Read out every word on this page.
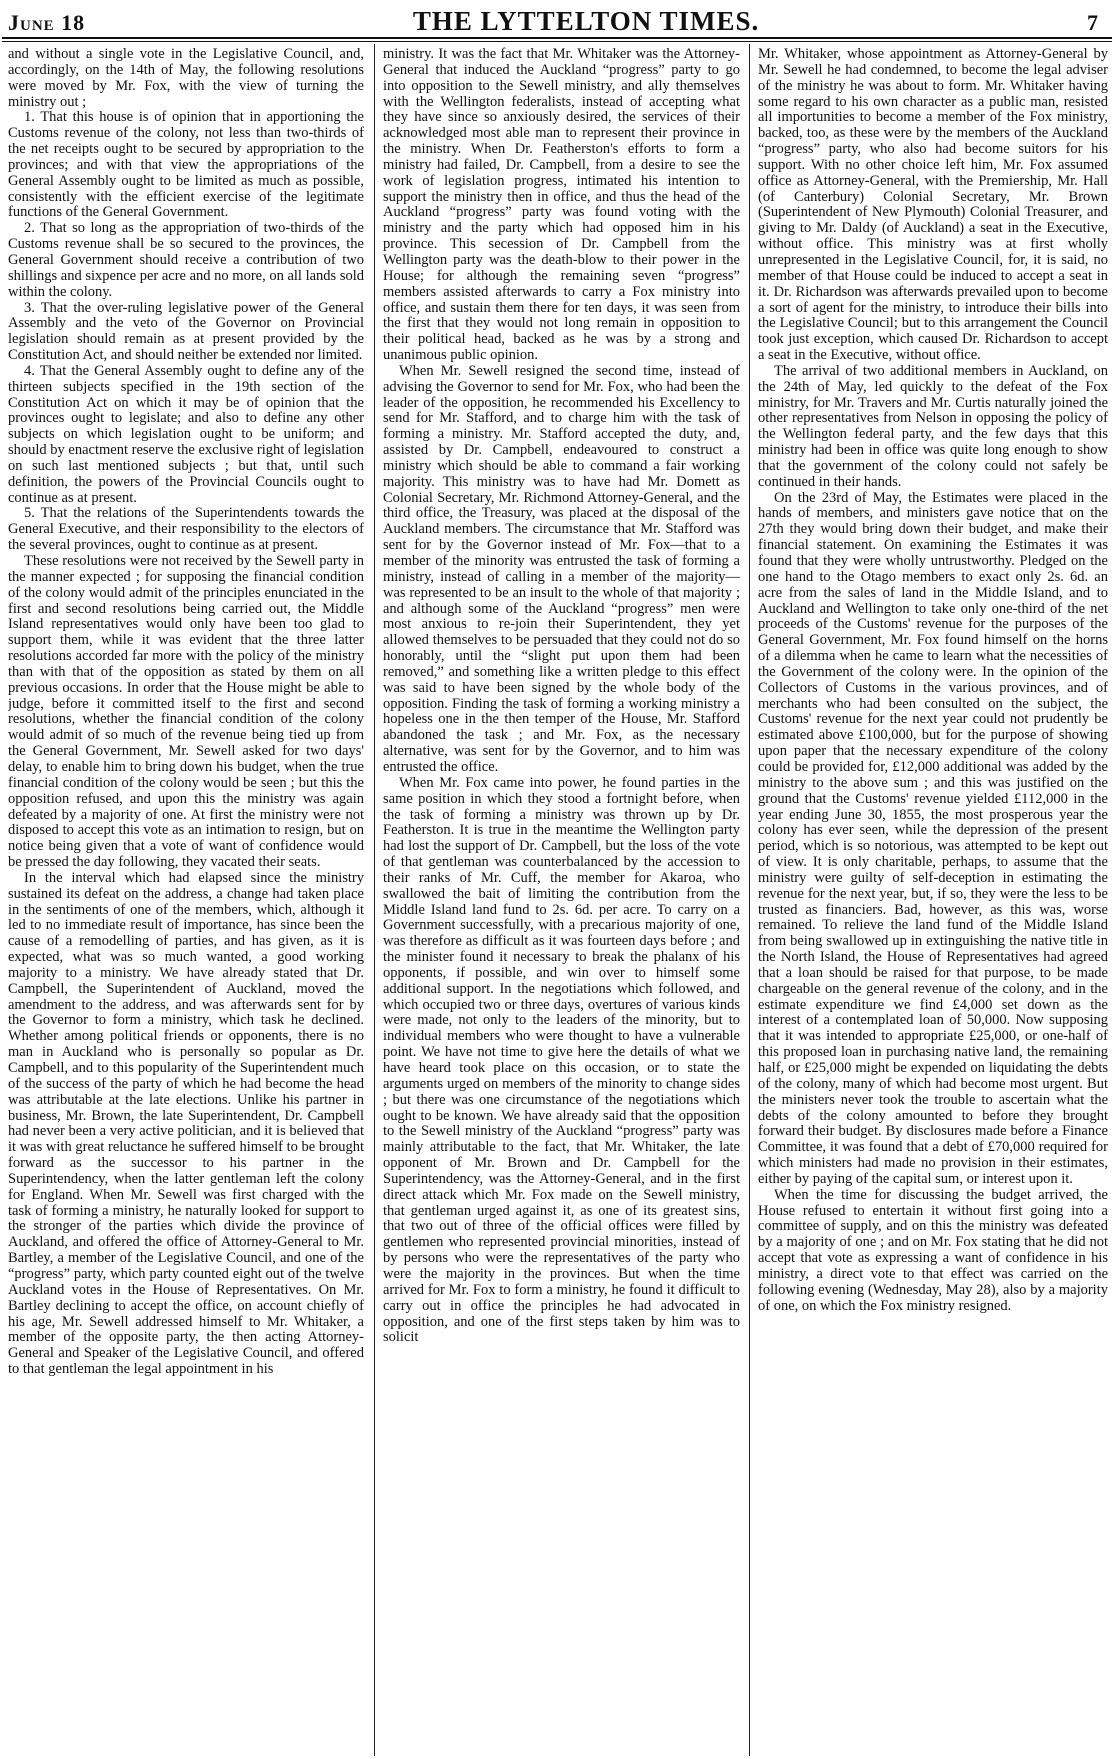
June 18	THE LYTTELTON TIMES.	7

and without a single vote in the Legislative Council, and, accordingly, on the 14th of May, the following resolutions were moved by Mr. Fox, with the view of turning the ministry out ;

1. That this house is of opinion that in apportioning the Customs revenue of the colony, not less than two-thirds of the net receipts ought to be secured by appropriation to the provinces; and with that view the appropriations of the General Assembly ought to be limited as much as possible, consistently with the efficient exercise of the legitimate functions of the General Government.

2. That so long as the appropriation of two-thirds of the Customs revenue shall be so secured to the provinces, the General Government should receive a contribution of two shillings and sixpence per acre and no more, on all lands sold within the colony.

3. That the over-ruling legislative power of the General Assembly and the veto of the Governor on Provincial legislation should remain as at present provided by the Constitution Act, and should neither be extended nor limited.

4. That the General Assembly ought to define any of the thirteen subjects specified in the 19th section of the Constitution Act on which it may be of opinion that the provinces ought to legislate; and also to define any other subjects on which legislation ought to be uniform; and should by enactment reserve the exclusive right of legislation on such last mentioned subjects ; but that, until such definition, the powers of the Provincial Councils ought to continue as at present.

5. That the relations of the Superintendents towards the General Executive, and their responsibility to the electors of the several provinces, ought to continue as at present.

These resolutions were not received by the Sewell party in the manner expected ; for supposing the financial condition of the colony would admit of the principles enunciated in the first and second resolutions being carried out, the Middle Island representatives would only have been too glad to support them, while it was evident that the three latter resolutions accorded far more with the policy of the ministry than with that of the opposition as stated by them on all previous occasions. In order that the House might be able to judge, before it committed itself to the first and second resolutions, whether the financial condition of the colony would admit of so much of the revenue being tied up from the General Government, Mr. Sewell asked for two days' delay, to enable him to bring down his budget, when the true financial condition of the colony would be seen ; but this the opposition refused, and upon this the ministry was again defeated by a majority of one. At first the ministry were not disposed to accept this vote as an intimation to resign, but on notice being given that a vote of want of confidence would be pressed the day following, they vacated their seats.

In the interval which had elapsed since the ministry sustained its defeat on the address, a change had taken place in the sentiments of one of the members, which, although it led to no immediate result of importance, has since been the cause of a remodelling of parties, and has given, as it is expected, what was so much wanted, a good working majority to a ministry. We have already stated that Dr. Campbell, the Superintendent of Auckland, moved the amendment to the address, and was afterwards sent for by the Governor to form a ministry, which task he declined. Whether among political friends or opponents, there is no man in Auckland who is personally so popular as Dr. Campbell, and to this popularity of the Superintendent much of the success of the party of which he had become the head was attributable at the late elections. Unlike his partner in business, Mr. Brown, the late Superintendent, Dr. Campbell had never been a very active politician, and it is believed that it was with great reluctance he suffered himself to be brought forward as the successor to his partner in the Superintendency, when the latter gentleman left the colony for England. When Mr. Sewell was first charged with the task of forming a ministry, he naturally looked for support to the stronger of the parties which divide the province of Auckland, and offered the office of Attorney-General to Mr. Bartley, a member of the Legislative Council, and one of the “progress” party, which party counted eight out of the twelve Auckland votes in the House of Representatives. On Mr. Bartley declining to accept the office, on account chiefly of his age, Mr. Sewell addressed himself to Mr. Whitaker, a member of the opposite party, the then acting Attorney-General and Speaker of the Legislative Council, and offered to that gentleman the legal appointment in his

ministry. It was the fact that Mr. Whitaker was the Attorney-General that induced the Auckland “progress” party to go into opposition to the Sewell ministry, and ally themselves with the Wellington federalists, instead of accepting what they have since so anxiously desired, the services of their acknowledged most able man to represent their province in the ministry. When Dr. Featherston's efforts to form a ministry had failed, Dr. Campbell, from a desire to see the work of legislation progress, intimated his intention to support the ministry then in office, and thus the head of the Auckland “progress” party was found voting with the ministry and the party which had opposed him in his province. This secession of Dr. Campbell from the Wellington party was the death-blow to their power in the House; for although the remaining seven “progress” members assisted afterwards to carry a Fox ministry into office, and sustain them there for ten days, it was seen from the first that they would not long remain in opposition to their political head, backed as he was by a strong and unanimous public opinion.

When Mr. Sewell resigned the second time, instead of advising the Governor to send for Mr. Fox, who had been the leader of the opposition, he recommended his Excellency to send for Mr. Stafford, and to charge him with the task of forming a ministry. Mr. Stafford accepted the duty, and, assisted by Dr. Campbell, endeavoured to construct a ministry which should be able to command a fair working majority. This ministry was to have had Mr. Domett as Colonial Secretary, Mr. Richmond Attorney-General, and the third office, the Treasury, was placed at the disposal of the Auckland members. The circumstance that Mr. Stafford was sent for by the Governor instead of Mr. Fox—that to a member of the minority was entrusted the task of forming a ministry, instead of calling in a member of the majority—was represented to be an insult to the whole of that majority ; and although some of the Auckland “progress” men were most anxious to re-join their Superintendent, they yet allowed themselves to be persuaded that they could not do so honorably, until the “slight put upon them had been removed,” and something like a written pledge to this effect was said to have been signed by the whole body of the opposition. Finding the task of forming a working ministry a hopeless one in the then temper of the House, Mr. Stafford abandoned the task ; and Mr. Fox, as the necessary alternative, was sent for by the Governor, and to him was entrusted the office.

When Mr. Fox came into power, he found parties in the same position in which they stood a fortnight before, when the task of forming a ministry was thrown up by Dr. Featherston. It is true in the meantime the Wellington party had lost the support of Dr. Campbell, but the loss of the vote of that gentleman was counterbalanced by the accession to their ranks of Mr. Cuff, the member for Akaroa, who swallowed the bait of limiting the contribution from the Middle Island land fund to 2s. 6d. per acre. To carry on a Government successfully, with a precarious majority of one, was therefore as difficult as it was fourteen days before ; and the minister found it necessary to break the phalanx of his opponents, if possible, and win over to himself some additional support. In the negotiations which followed, and which occupied two or three days, overtures of various kinds were made, not only to the leaders of the minority, but to individual members who were thought to have a vulnerable point. We have not time to give here the details of what we have heard took place on this occasion, or to state the arguments urged on members of the minority to change sides ; but there was one circumstance of the negotiations which ought to be known. We have already said that the opposition to the Sewell ministry of the Auckland “progress” party was mainly attributable to the fact, that Mr. Whitaker, the late opponent of Mr. Brown and Dr. Campbell for the Superintendency, was the Attorney-General, and in the first direct attack which Mr. Fox made on the Sewell ministry, that gentleman urged against it, as one of its greatest sins, that two out of three of the official offices were filled by gentlemen who represented provincial minorities, instead of by persons who were the representatives of the party who were the majority in the provinces. But when the time arrived for Mr. Fox to form a ministry, he found it difficult to carry out in office the principles he had advocated in opposition, and one of the first steps taken by him was to solicit

Mr. Whitaker, whose appointment as Attorney-General by Mr. Sewell he had condemned, to become the legal adviser of the ministry he was about to form. Mr. Whitaker having some regard to his own character as a public man, resisted all importunities to become a member of the Fox ministry, backed, too, as these were by the members of the Auckland “progress” party, who also had become suitors for his support. With no other choice left him, Mr. Fox assumed office as Attorney-General, with the Premiership, Mr. Hall (of Canterbury) Colonial Secretary, Mr. Brown (Superintendent of New Plymouth) Colonial Treasurer, and giving to Mr. Daldy (of Auckland) a seat in the Executive, without office. This ministry was at first wholly unrepresented in the Legislative Council, for, it is said, no member of that House could be induced to accept a seat in it. Dr. Richardson was afterwards prevailed upon to become a sort of agent for the ministry, to introduce their bills into the Legislative Council; but to this arrangement the Council took just exception, which caused Dr. Richardson to accept a seat in the Executive, without office.

The arrival of two additional members in Auckland, on the 24th of May, led quickly to the defeat of the Fox ministry, for Mr. Travers and Mr. Curtis naturally joined the other representatives from Nelson in opposing the policy of the Wellington federal party, and the few days that this ministry had been in office was quite long enough to show that the government of the colony could not safely be continued in their hands.

On the 23rd of May, the Estimates were placed in the hands of members, and ministers gave notice that on the 27th they would bring down their budget, and make their financial statement. On examining the Estimates it was found that they were wholly untrustworthy. Pledged on the one hand to the Otago members to exact only 2s. 6d. an acre from the sales of land in the Middle Island, and to Auckland and Wellington to take only one-third of the net proceeds of the Customs' revenue for the purposes of the General Government, Mr. Fox found himself on the horns of a dilemma when he came to learn what the necessities of the Government of the colony were. In the opinion of the Collectors of Customs in the various provinces, and of merchants who had been consulted on the subject, the Customs' revenue for the next year could not prudently be estimated above £100,000, but for the purpose of showing upon paper that the necessary expenditure of the colony could be provided for, £12,000 additional was added by the ministry to the above sum ; and this was justified on the ground that the Customs' revenue yielded £112,000 in the year ending June 30, 1855, the most prosperous year the colony has ever seen, while the depression of the present period, which is so notorious, was attempted to be kept out of view. It is only charitable, perhaps, to assume that the ministry were guilty of self-deception in estimating the revenue for the next year, but, if so, they were the less to be trusted as financiers. Bad, however, as this was, worse remained. To relieve the land fund of the Middle Island from being swallowed up in extinguishing the native title in the North Island, the House of Representatives had agreed that a loan should be raised for that purpose, to be made chargeable on the general revenue of the colony, and in the estimate expenditure we find £4,000 set down as the interest of a contemplated loan of 50,000. Now supposing that it was intended to appropriate £25,000, or one-half of this proposed loan in purchasing native land, the remaining half, or £25,000 might be expended on liquidating the debts of the colony, many of which had become most urgent. But the ministers never took the trouble to ascertain what the debts of the colony amounted to before they brought forward their budget. By disclosures made before a Finance Committee, it was found that a debt of £70,000 required for which ministers had made no provision in their estimates, either by paying of the capital sum, or interest upon it.

When the time for discussing the budget arrived, the House refused to entertain it without first going into a committee of supply, and on this the ministry was defeated by a majority of one ; and on Mr. Fox stating that he did not accept that vote as expressing a want of confidence in his ministry, a direct vote to that effect was carried on the following evening (Wednesday, May 28), also by a majority of one, on which the Fox ministry resigned.
